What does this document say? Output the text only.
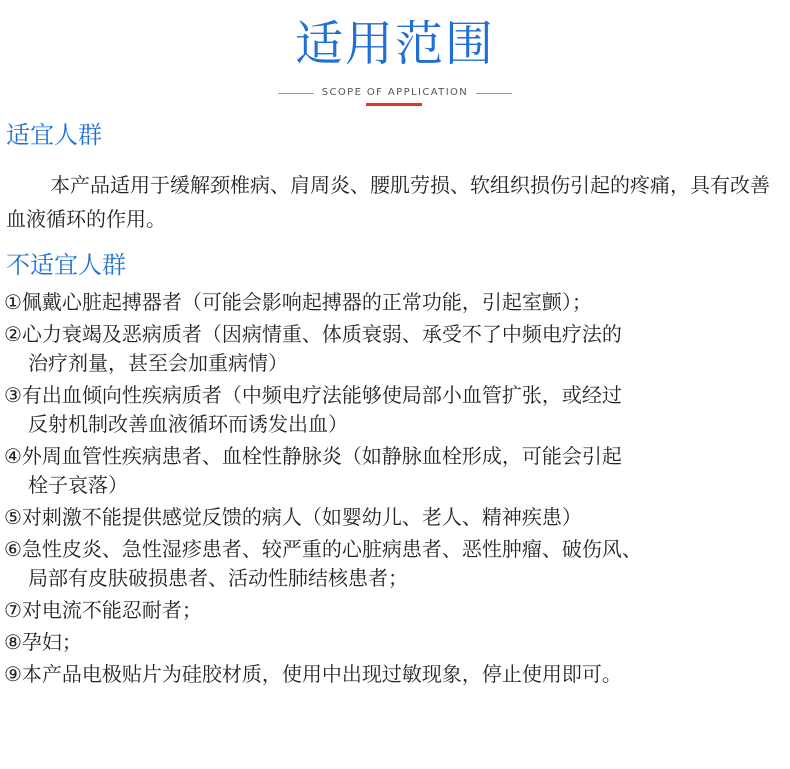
适用范围
SCOPE OF APPLICATION
适宜人群
本产品适用于缓解颈椎病、肩周炎、腰肌劳损、软组织损伤引起的疼痛，具有改善血液循环的作用。
不适宜人群
①佩戴心脏起搏器者（可能会影响起搏器的正常功能，引起室颤）；
②心力衰竭及恶病质者（因病情重、体质衰弱、承受不了中频电疗法的
治疗剂量，甚至会加重病情）
③有出血倾向性疾病质者（中频电疗法能够使局部小血管扩张，或经过
反射机制改善血液循环而诱发出血）
④外周血管性疾病患者、血栓性静脉炎（如静脉血栓形成，可能会引起
栓子哀落）
⑤对刺激不能提供感觉反馈的病人（如婴幼儿、老人、精神疾患）
⑥急性皮炎、急性湿疹患者、较严重的心脏病患者、恶性肿瘤、破伤风、
局部有皮肤破损患者、活动性肺结核患者；
⑦对电流不能忍耐者；
⑧孕妇；
⑨本产品电极贴片为硅胶材质，使用中出现过敏现象，停止使用即可。
